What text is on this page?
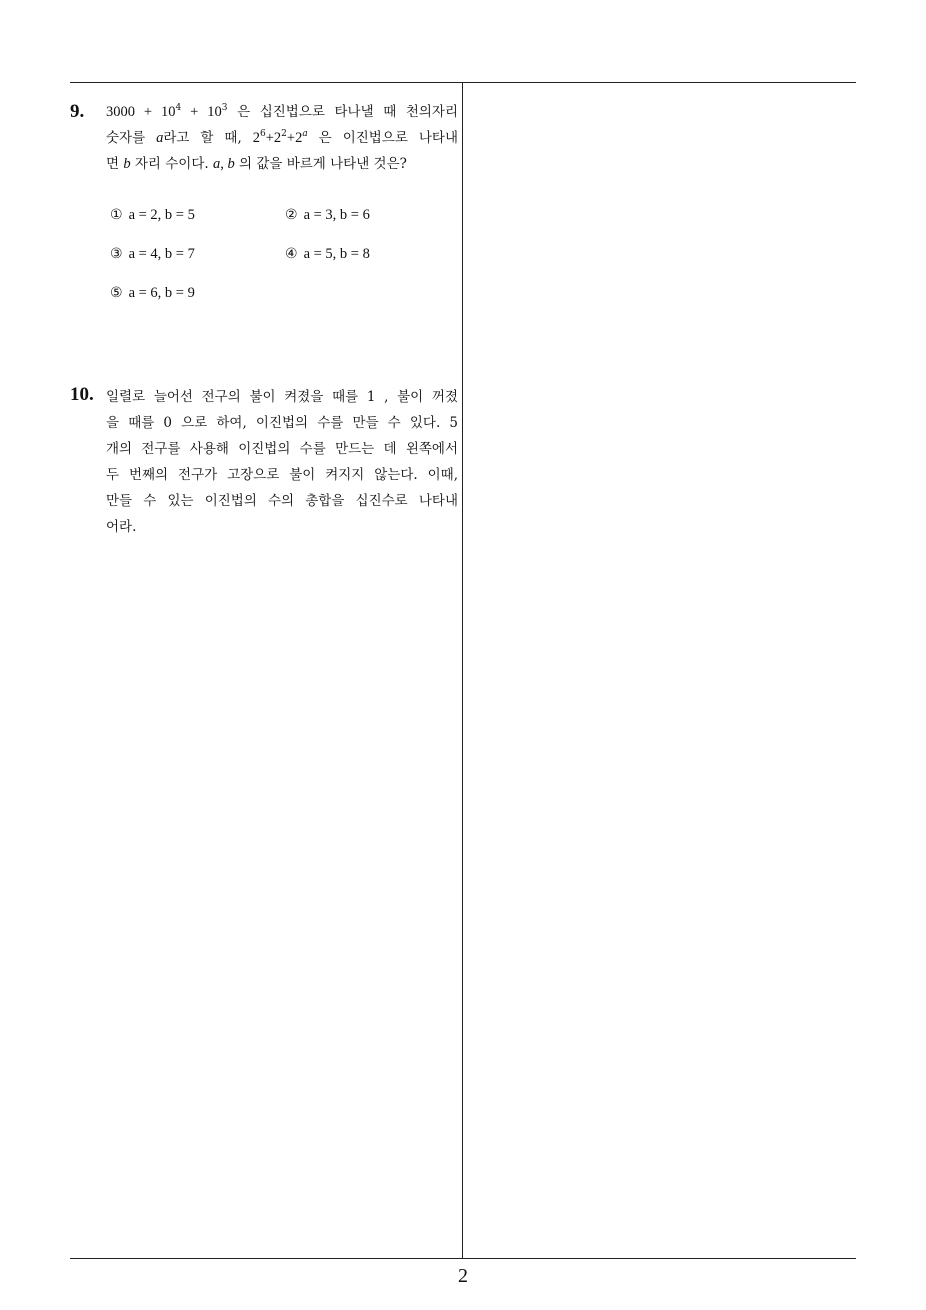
9. $3000 + 10^4 + 10^3$ 은 십진법으로 타나낼 때 천의자리
숫자를 a라고 할 때, $2^6+2^2+2^a$ 은 이진법으로 나타내
면 b 자리 수이다. a, b 의 값을 바르게 나타낸 것은?
① a = 2, b = 5	② a = 3, b = 6
③ a = 4, b = 7	④ a = 5, b = 8
⑤ a = 6, b = 9
10. 일렬로 늘어선 전구의 불이 켜졌을 때를 1 , 불이 꺼졌
을 때를 0 으로 하여, 이진법의 수를 만들 수 있다. 5
개의 전구를 사용해 이진법의 수를 만드는 데 왼쪽에서
두 번째의 전구가 고장으로 불이 켜지지 않는다. 이때,
만들 수 있는 이진법의 수의 총합을 십진수로 나타내
어라.
2
